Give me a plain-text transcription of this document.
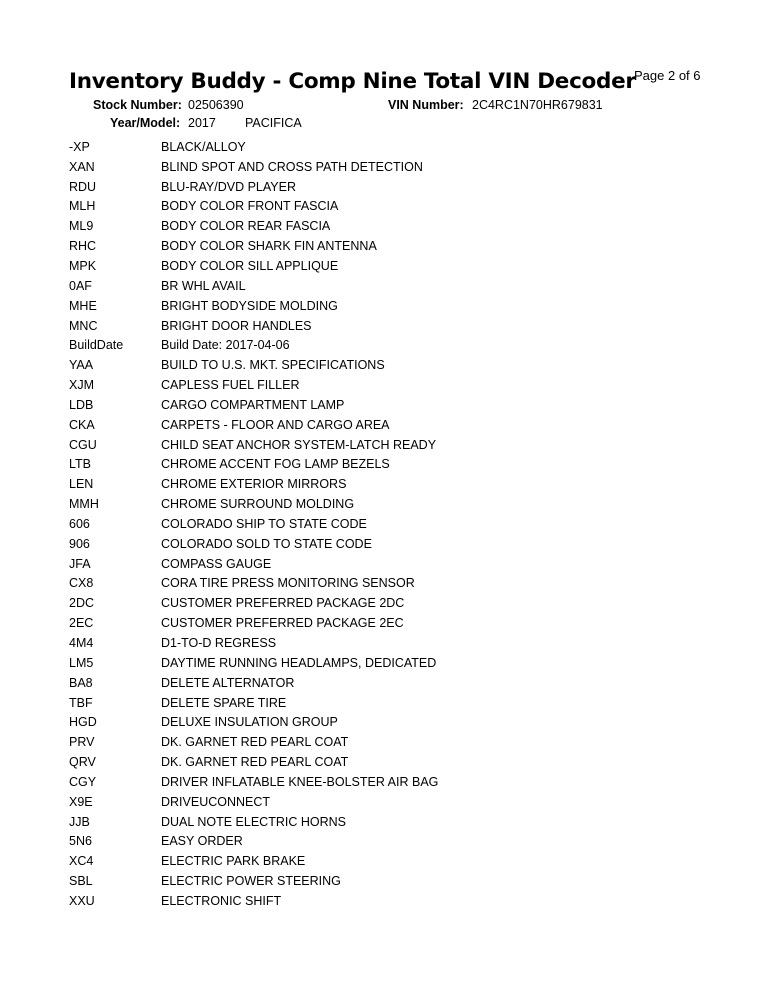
Page 2 of 6
Inventory Buddy - Comp Nine Total VIN Decoder
Stock Number: 02506390	VIN Number: 2C4RC1N70HR679831
Year/Model: 2017 PACIFICA
-XP	BLACK/ALLOY
XAN	BLIND SPOT AND CROSS PATH DETECTION
RDU	BLU-RAY/DVD PLAYER
MLH	BODY COLOR FRONT FASCIA
ML9	BODY COLOR REAR FASCIA
RHC	BODY COLOR SHARK FIN ANTENNA
MPK	BODY COLOR SILL APPLIQUE
0AF	BR WHL AVAIL
MHE	BRIGHT BODYSIDE MOLDING
MNC	BRIGHT DOOR HANDLES
BuildDate	Build Date: 2017-04-06
YAA	BUILD TO U.S. MKT. SPECIFICATIONS
XJM	CAPLESS FUEL FILLER
LDB	CARGO COMPARTMENT LAMP
CKA	CARPETS - FLOOR AND CARGO AREA
CGU	CHILD SEAT ANCHOR SYSTEM-LATCH READY
LTB	CHROME ACCENT FOG LAMP BEZELS
LEN	CHROME EXTERIOR MIRRORS
MMH	CHROME SURROUND MOLDING
606	COLORADO SHIP TO STATE CODE
906	COLORADO SOLD TO STATE CODE
JFA	COMPASS GAUGE
CX8	CORA TIRE PRESS MONITORING SENSOR
2DC	CUSTOMER PREFERRED PACKAGE 2DC
2EC	CUSTOMER PREFERRED PACKAGE 2EC
4M4	D1-TO-D REGRESS
LM5	DAYTIME RUNNING HEADLAMPS, DEDICATED
BA8	DELETE ALTERNATOR
TBF	DELETE SPARE TIRE
HGD	DELUXE INSULATION GROUP
PRV	DK. GARNET RED PEARL COAT
QRV	DK. GARNET RED PEARL COAT
CGY	DRIVER INFLATABLE KNEE-BOLSTER AIR BAG
X9E	DRIVEUCONNECT
JJB	DUAL NOTE ELECTRIC HORNS
5N6	EASY ORDER
XC4	ELECTRIC PARK BRAKE
SBL	ELECTRIC POWER STEERING
XXU	ELECTRONIC SHIFT
